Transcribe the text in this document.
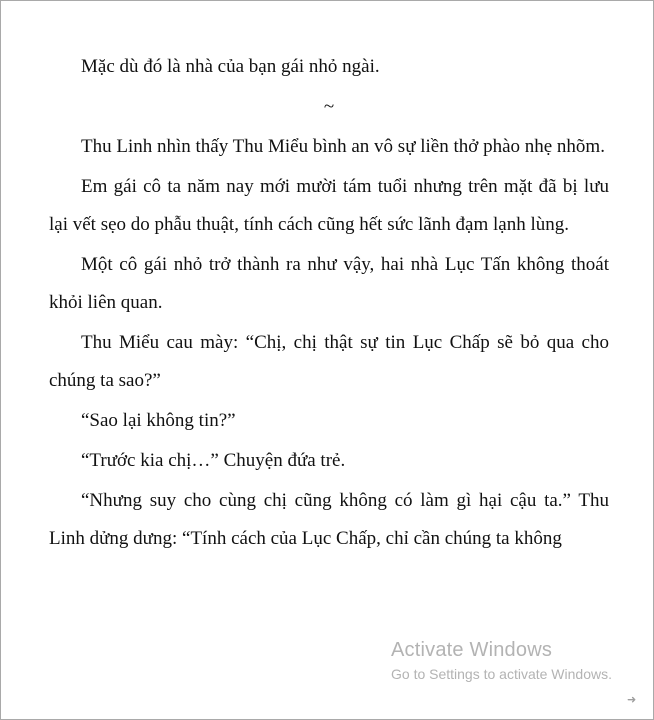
Mặc dù đó là nhà của bạn gái nhỏ ngài.

~

Thu Linh nhìn thấy Thu Miểu bình an vô sự liền thở phào nhẹ nhõm.

Em gái cô ta năm nay mới mười tám tuổi nhưng trên mặt đã bị lưu lại vết sẹo do phẫu thuật, tính cách cũng hết sức lãnh đạm lạnh lùng.

Một cô gái nhỏ trở thành ra như vậy, hai nhà Lục Tấn không thoát khỏi liên quan.

Thu Miểu cau mày: “Chị, chị thật sự tin Lục Chấp sẽ bỏ qua cho chúng ta sao?”

“Sao lại không tin?”

“Trước kia chị…” Chuyện đứa trẻ.

“Nhưng suy cho cùng chị cũng không có làm gì hại cậu ta.” Thu Linh dửng dưng: “Tính cách của Lục Chấp, chỉ cần chúng ta không

Activate Windows
Go to Settings to activate Windows.
➜
